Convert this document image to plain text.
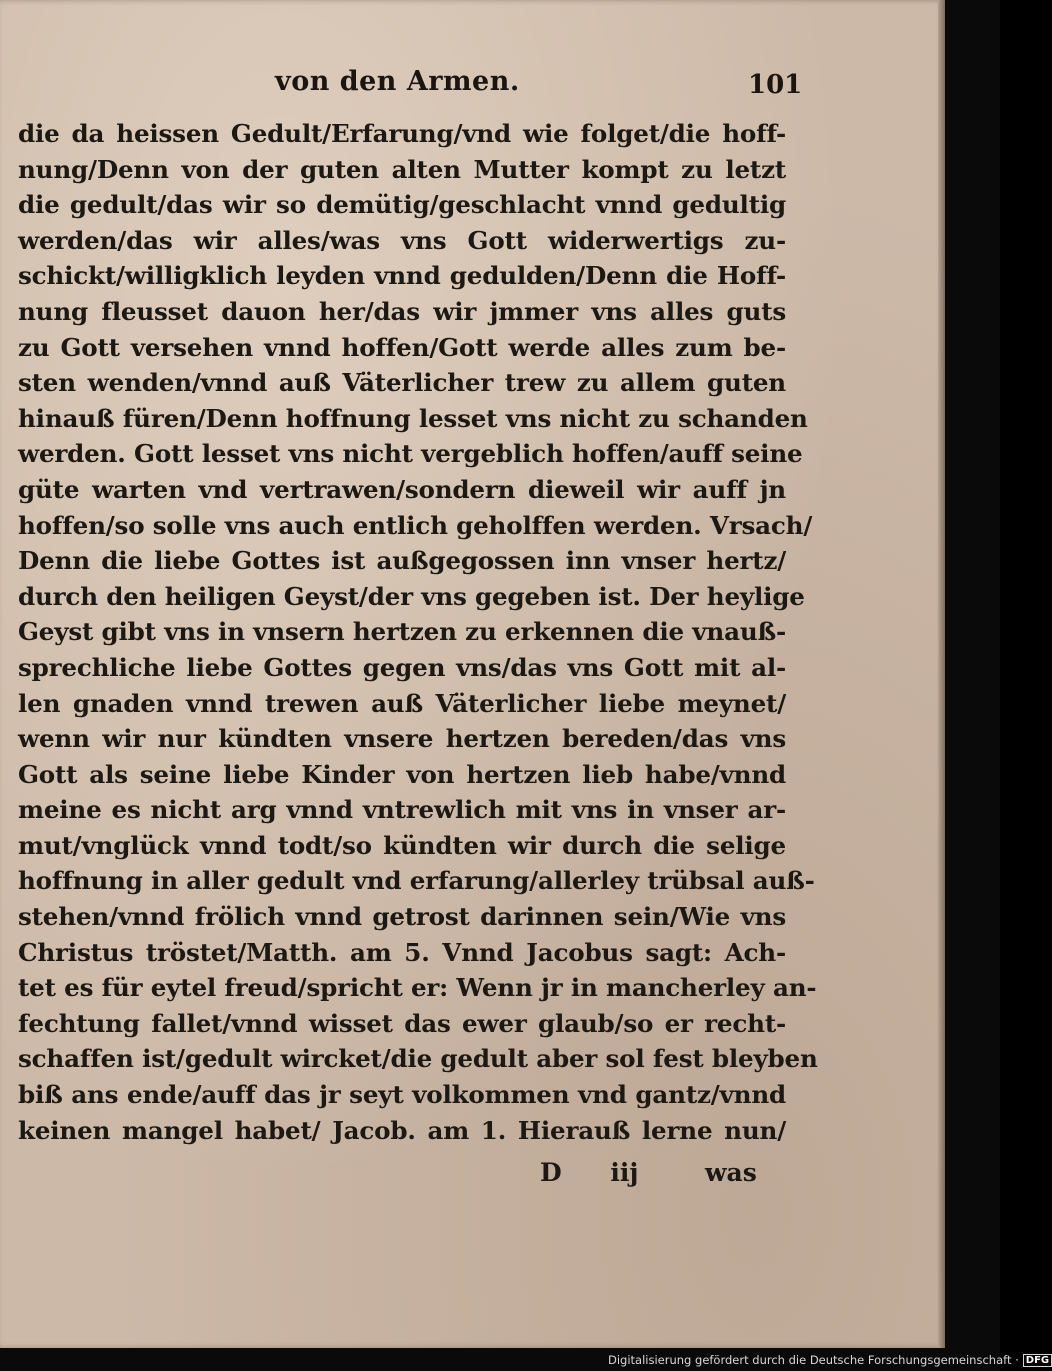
von den Armen.	101
die da heissen Gedult/Erfarung/vnd wie folget/die hoff-
nung/Denn von der guten alten Mutter kompt zu letzt
die gedult/das wir so demütig/geschlacht vnnd gedultig
werden/das wir alles/was vns Gott widerwertigs zu-
schickt/willigklich leyden vnnd gedulden/Denn die Hoff-
nung fleusset dauon her/das wir jmmer vns alles guts
zu Gott versehen vnnd hoffen/Gott werde alles zum be-
sten wenden/vnnd auß Väterlicher trew zu allem guten
hinauß füren/Denn hoffnung lesset vns nicht zu schanden
werden. Gott lesset vns nicht vergeblich hoffen/auff seine
güte warten vnd vertrawen/sondern dieweil wir auff jn
hoffen/so solle vns auch entlich geholffen werden. Vrsach/
Denn die liebe Gottes ist außgegossen inn vnser hertz/
durch den heiligen Geyst/der vns gegeben ist. Der heylige
Geyst gibt vns in vnsern hertzen zu erkennen die vnauß-
sprechliche liebe Gottes gegen vns/das vns Gott mit al-
len gnaden vnnd trewen auß Väterlicher liebe meynet/
wenn wir nur kündten vnsere hertzen bereden/das vns
Gott als seine liebe Kinder von hertzen lieb habe/vnnd
meine es nicht arg vnnd vntrewlich mit vns in vnser ar-
mut/vnglück vnnd todt/so kündten wir durch die selige
hoffnung in aller gedult vnd erfarung/allerley trübsal auß-
stehen/vnnd frölich vnnd getrost darinnen sein/Wie vns
Christus tröstet/Matth. am 5. Vnnd Jacobus sagt: Ach-
tet es für eytel freud/spricht er: Wenn jr in mancherley an-
fechtung fallet/vnnd wisset das ewer glaub/so er recht-
schaffen ist/gedult wircket/die gedult aber sol fest bleyben
biß ans ende/auff das jr seyt volkommen vnd gantz/vnnd
keinen mangel habet/ Jacob. am 1. Hierauß lerne nun/
D iij	was
Digitalisierung gefördert durch die Deutsche Forschungsgemeinschaft · DFG
